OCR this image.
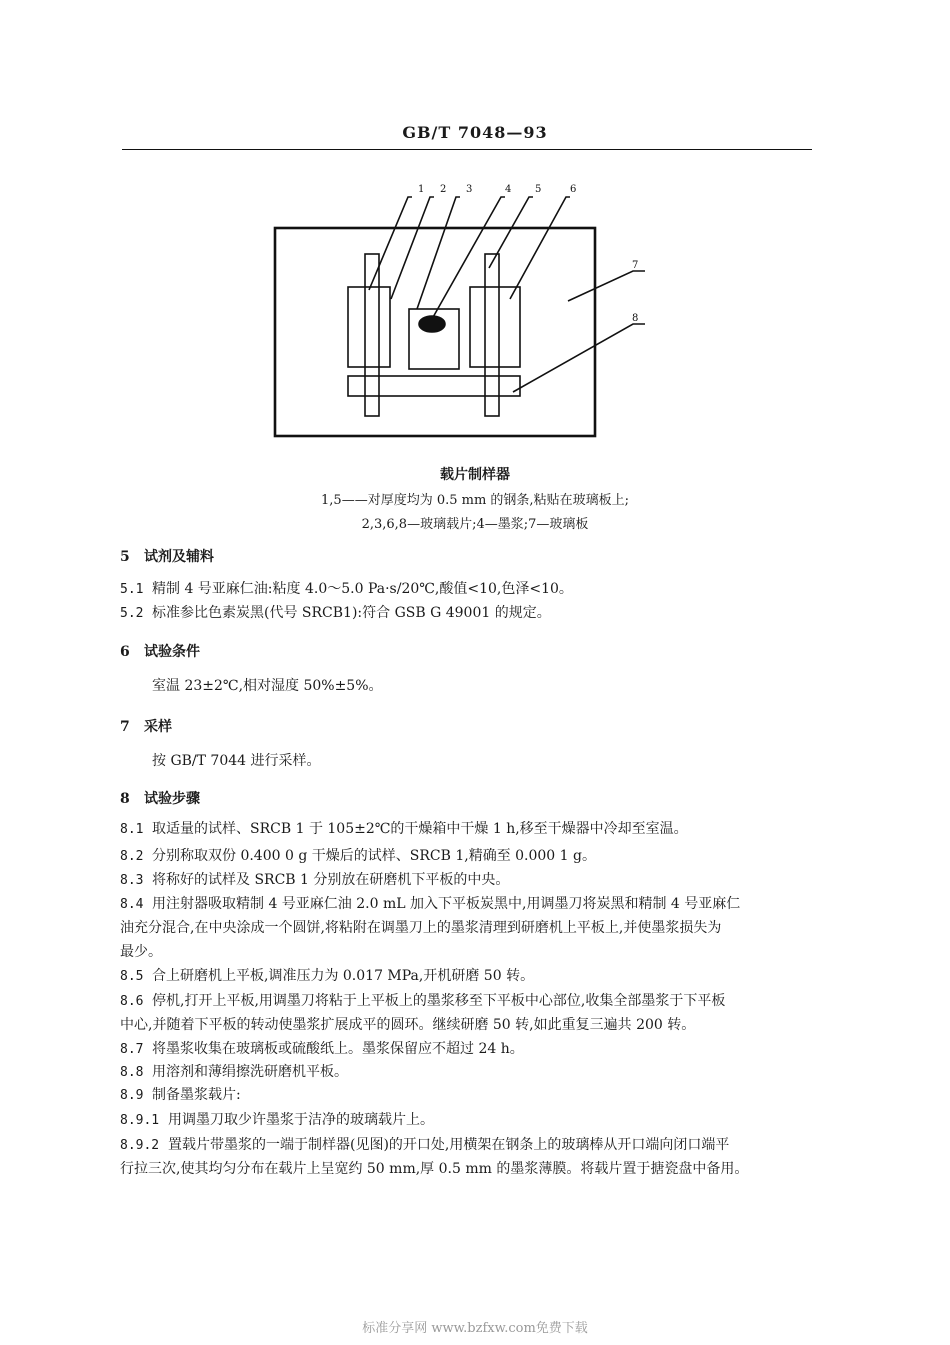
GB/T 7048—93
1 2 3	4 5	6
7
8
载片制样器
1,5——对厚度均为 0.5 mm 的钢条,粘贴在玻璃板上;
2,3,6,8—玻璃载片;4—墨浆;7—玻璃板
5 试剂及辅料
5.1 精制 4 号亚麻仁油:粘度 4.0～5.0 Pa·s/20℃,酸值<10,色泽<10。
5.2 标准参比色素炭黑(代号 SRCB1):符合 GSB G 49001 的规定。
6 试验条件
室温 23±2℃,相对湿度 50%±5%。
7 采样
按 GB/T 7044 进行采样。
8 试验步骤
8.1 取适量的试样、SRCB 1 于 105±2℃的干燥箱中干燥 1 h,移至干燥器中冷却至室温。
8.2 分别称取双份 0.400 0 g 干燥后的试样、SRCB 1,精确至 0.000 1 g。
8.3 将称好的试样及 SRCB 1 分别放在研磨机下平板的中央。
8.4 用注射器吸取精制 4 号亚麻仁油 2.0 mL 加入下平板炭黑中,用调墨刀将炭黑和精制 4 号亚麻仁
油充分混合,在中央涂成一个圆饼,将粘附在调墨刀上的墨浆清理到研磨机上平板上,并使墨浆损失为
最少。
8.5 合上研磨机上平板,调准压力为 0.017 MPa,开机研磨 50 转。
8.6 停机,打开上平板,用调墨刀将粘于上平板上的墨浆移至下平板中心部位,收集全部墨浆于下平板
中心,并随着下平板的转动使墨浆扩展成平的圆环。继续研磨 50 转,如此重复三遍共 200 转。
8.7 将墨浆收集在玻璃板或硫酸纸上。墨浆保留应不超过 24 h。
8.8 用溶剂和薄绢擦洗研磨机平板。
8.9 制备墨浆载片:
8.9.1 用调墨刀取少许墨浆于洁净的玻璃载片上。
8.9.2 置载片带墨浆的一端于制样器(见图)的开口处,用横架在钢条上的玻璃棒从开口端向闭口端平
行拉三次,使其均匀分布在载片上呈宽约 50 mm,厚 0.5 mm 的墨浆薄膜。将载片置于搪瓷盘中备用。
标准分享网 www.bzfxw.com免费下载
